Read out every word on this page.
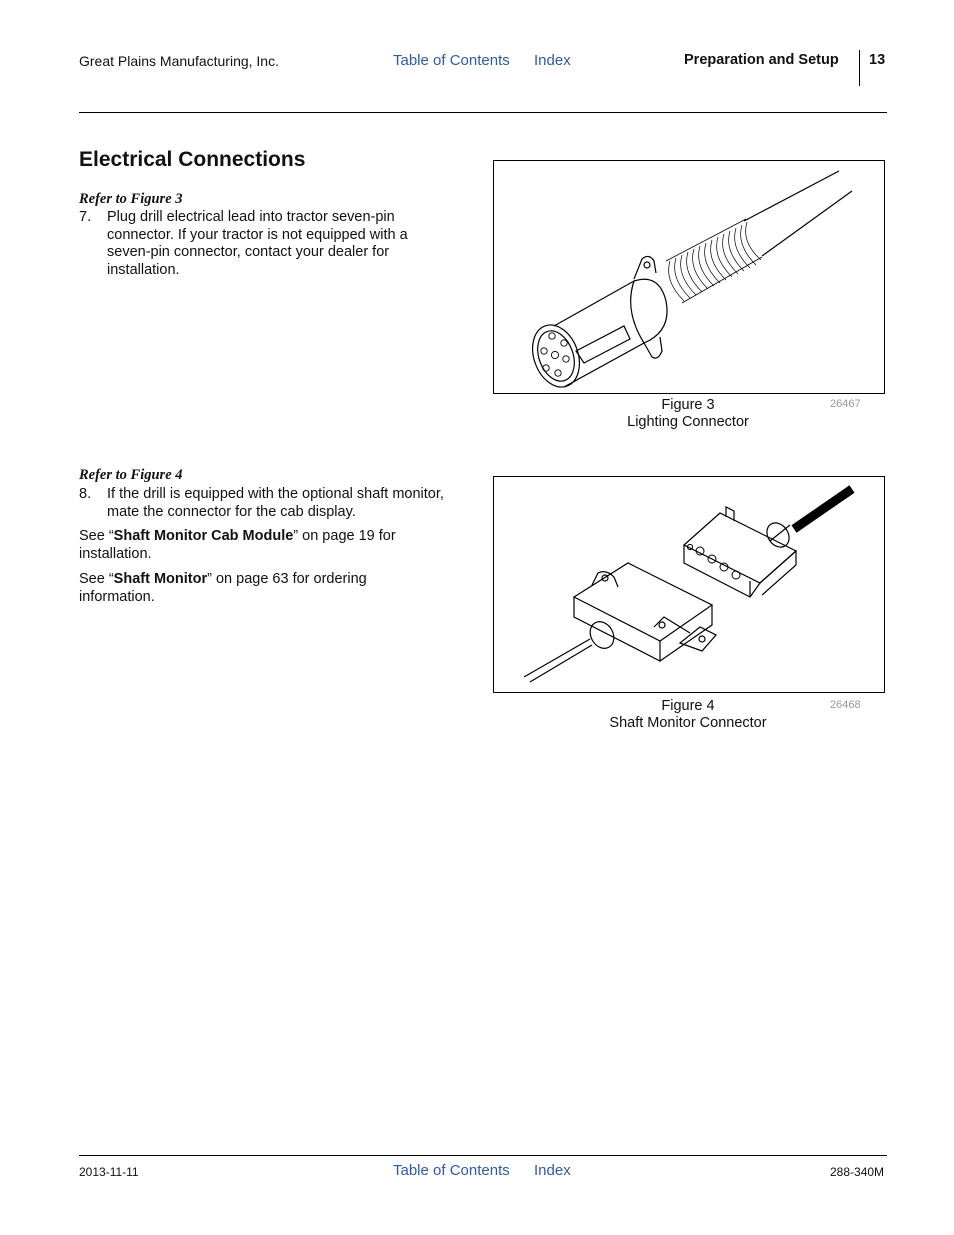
Great Plains Manufacturing, Inc.	Table of Contents Index	Preparation and Setup 13
Electrical Connections
Refer to Figure 3
7. Plug drill electrical lead into tractor seven-pin connector. If your tractor is not equipped with a seven-pin connector, contact your dealer for installation.
Refer to Figure 4
8. If the drill is equipped with the optional shaft monitor, mate the connector for the cab display.
See “Shaft Monitor Cab Module” on page 19 for installation.
See “Shaft Monitor” on page 63 for ordering information.
Figure 3
Lighting Connector
26467
Figure 4
Shaft Monitor Connector
26468
2013-11-11	Table of Contents Index	288-340M
